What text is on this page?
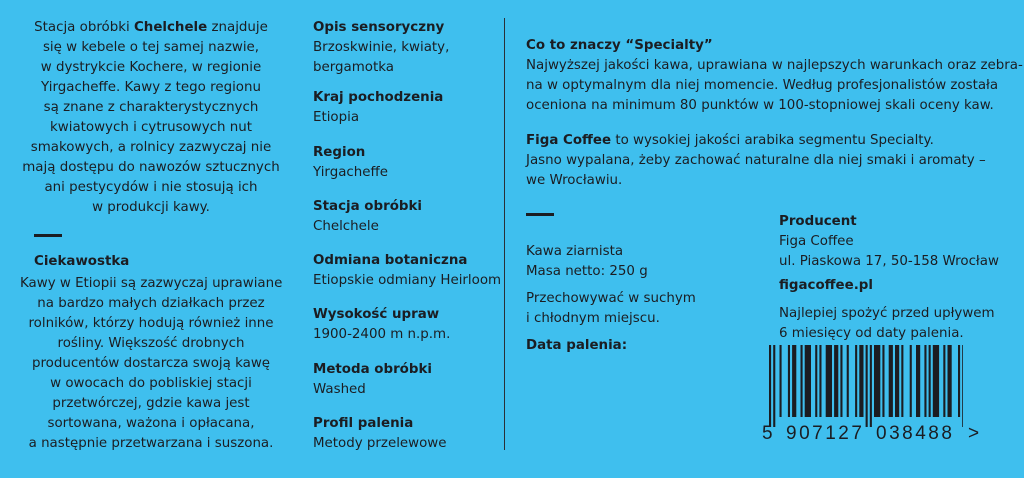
Stacja obróbki Chelchele znajduje

się w kebele o tej samej nazwie,

w dystrykcie Kochere, w regionie

Yirgacheffe. Kawy z tego regionu

są znane z charakterystycznych

kwiatowych i cytrusowych nut

smakowych, a rolnicy zazwyczaj nie

mają dostępu do nawozów sztucznych

ani pestycydów i nie stosują ich

w produkcji kawy.

Ciekawostka

Kawy w Etiopii są zazwyczaj uprawiane

na bardzo małych działkach przez

rolników, którzy hodują również inne

rośliny. Większość drobnych

producentów dostarcza swoją kawę

w owocach do pobliskiej stacji

przetwórczej, gdzie kawa jest

sortowana, ważona i opłacana,

a następnie przetwarzana i suszona.

Opis sensoryczny

Brzoskwinie, kwiaty,

bergamotka

Kraj pochodzenia

Etiopia

Region

Yirgacheffe

Stacja obróbki

Chelchele

Odmiana botaniczna

Etiopskie odmiany Heirloom

Wysokość upraw

1900-2400 m n.p.m.

Metoda obróbki

Washed

Profil palenia

Metody przelewowe

Co to znaczy “Specialty”

Najwyższej jakości kawa, uprawiana w najlepszych warunkach oraz zebra-

na w optymalnym dla niej momencie. Według profesjonalistów została

oceniona na minimum 80 punktów w 100-stopniowej skali oceny kaw.

Figa Coffee to wysokiej jakości arabika segmentu Specialty.

Jasno wypalana, żeby zachować naturalne dla niej smaki i aromaty –

we Wrocławiu.

Kawa ziarnista

Masa netto: 250 g

Przechowywać w suchym

i chłodnym miejscu.

Data palenia:

Producent

Figa Coffee

ul. Piaskowa 17, 50-158 Wrocław

figacoffee.pl

Najlepiej spożyć przed upływem

6 miesięcy od daty palenia.

5 907127 038488 >
